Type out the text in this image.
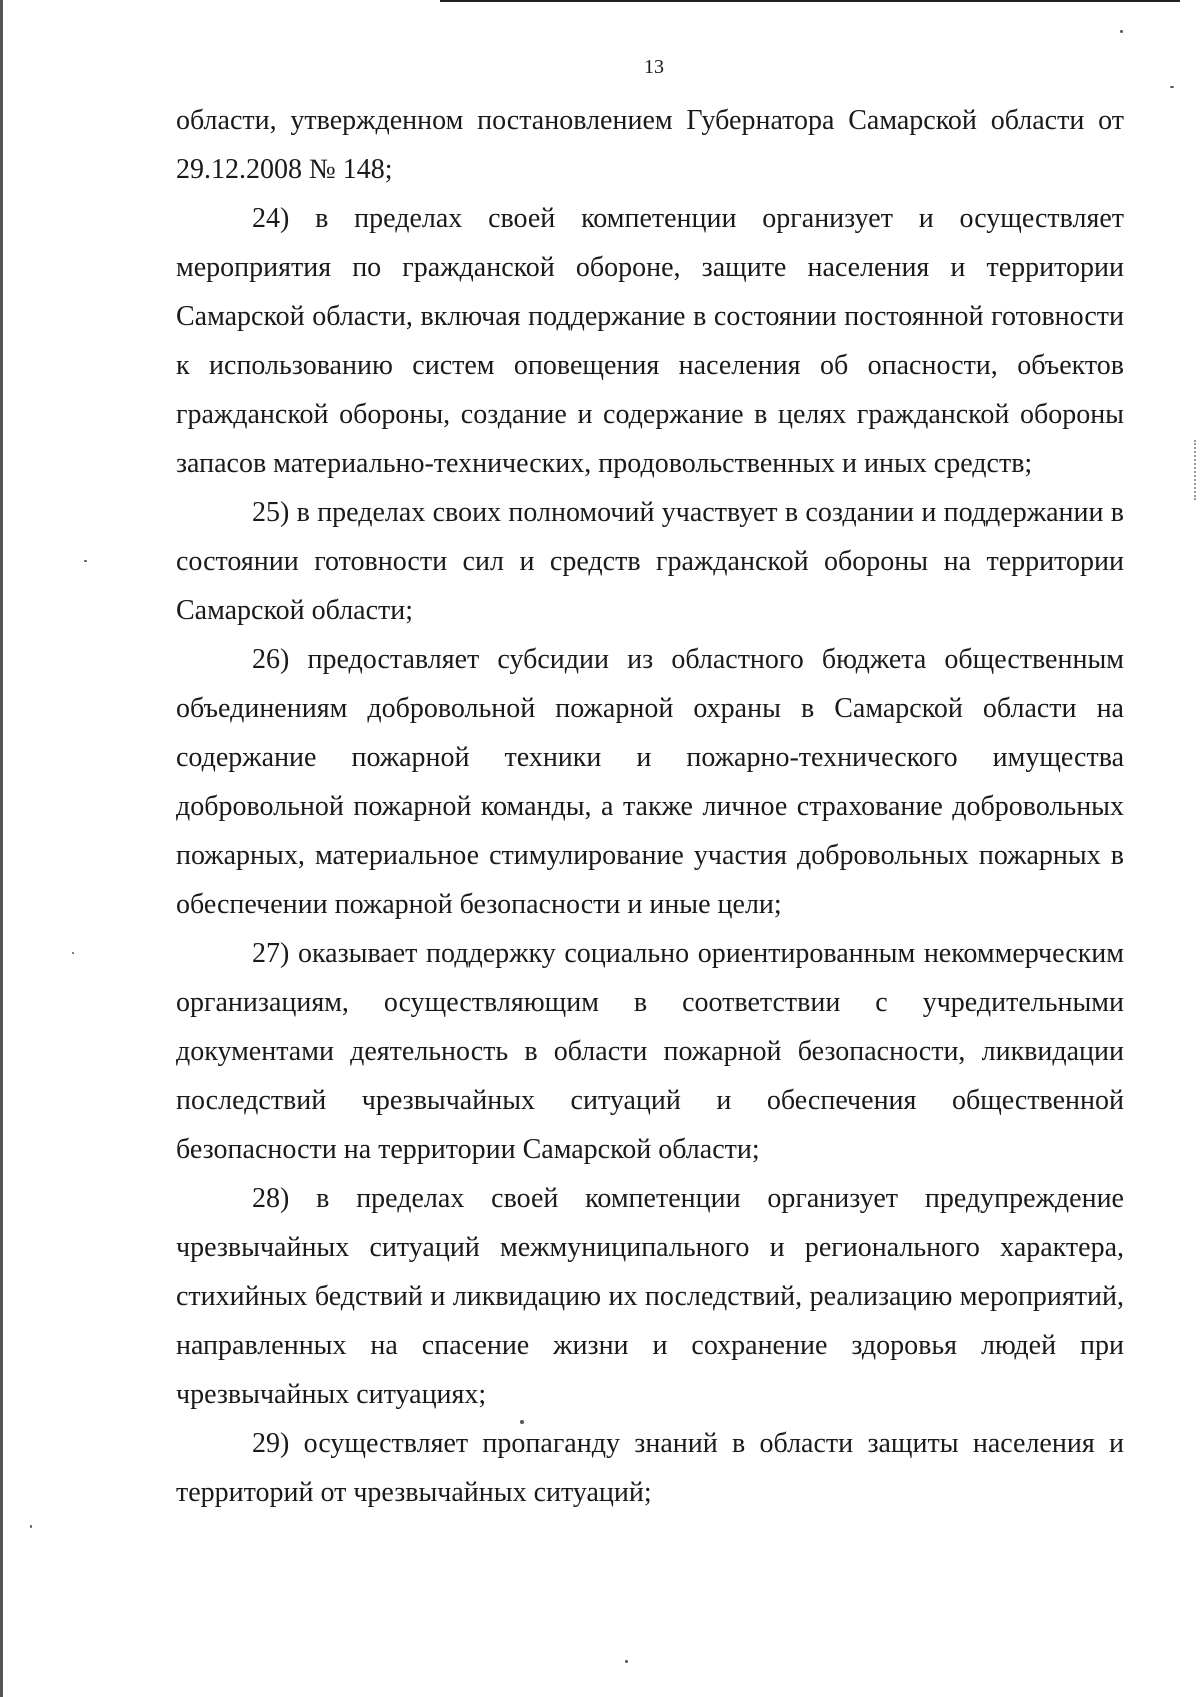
13

области, утвержденном постановлением Губернатора Самарской области от 29.12.2008 № 148;

24) в пределах своей компетенции организует и осуществляет мероприятия по гражданской обороне, защите населения и территории Самарской области, включая поддержание в состоянии постоянной готовности к использованию систем оповещения населения об опасности, объектов гражданской обороны, создание и содержание в целях гражданской обороны запасов материально-технических, продовольственных и иных средств;

25) в пределах своих полномочий участвует в создании и поддержании в состоянии готовности сил и средств гражданской обороны на территории Самарской области;

26) предоставляет субсидии из областного бюджета общественным объединениям добровольной пожарной охраны в Самарской области на содержание пожарной техники и пожарно-технического имущества добровольной пожарной команды, а также личное страхование добровольных пожарных, материальное стимулирование участия добровольных пожарных в обеспечении пожарной безопасности и иные цели;

27) оказывает поддержку социально ориентированным некоммерческим организациям, осуществляющим в соответствии с учредительными документами деятельность в области пожарной безопасности, ликвидации последствий чрезвычайных ситуаций и обеспечения общественной безопасности на территории Самарской области;

28) в пределах своей компетенции организует предупреждение чрезвычайных ситуаций межмуниципального и регионального характера, стихийных бедствий и ликвидацию их последствий, реализацию мероприятий, направленных на спасение жизни и сохранение здоровья людей при чрезвычайных ситуациях;

29) осуществляет пропаганду знаний в области защиты населения и территорий от чрезвычайных ситуаций;
